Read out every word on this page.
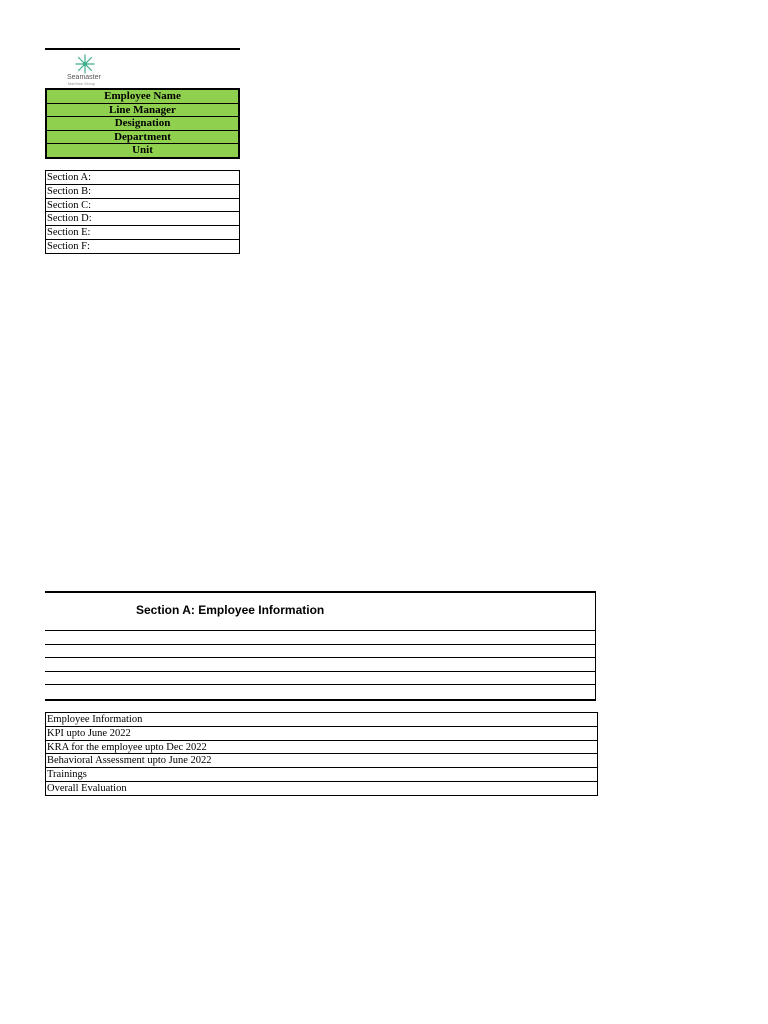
Seamaster
Maritime Group
Employee Name
Line Manager
Designation
Department
Unit
Section A:
Section B:
Section C:
Section D:
Section E:
Section F:
Section A: Employee Information
Employee Information
KPI upto June 2022
KRA for the employee upto Dec 2022
Behavioral Assessment upto June 2022
Trainings
Overall Evaluation
